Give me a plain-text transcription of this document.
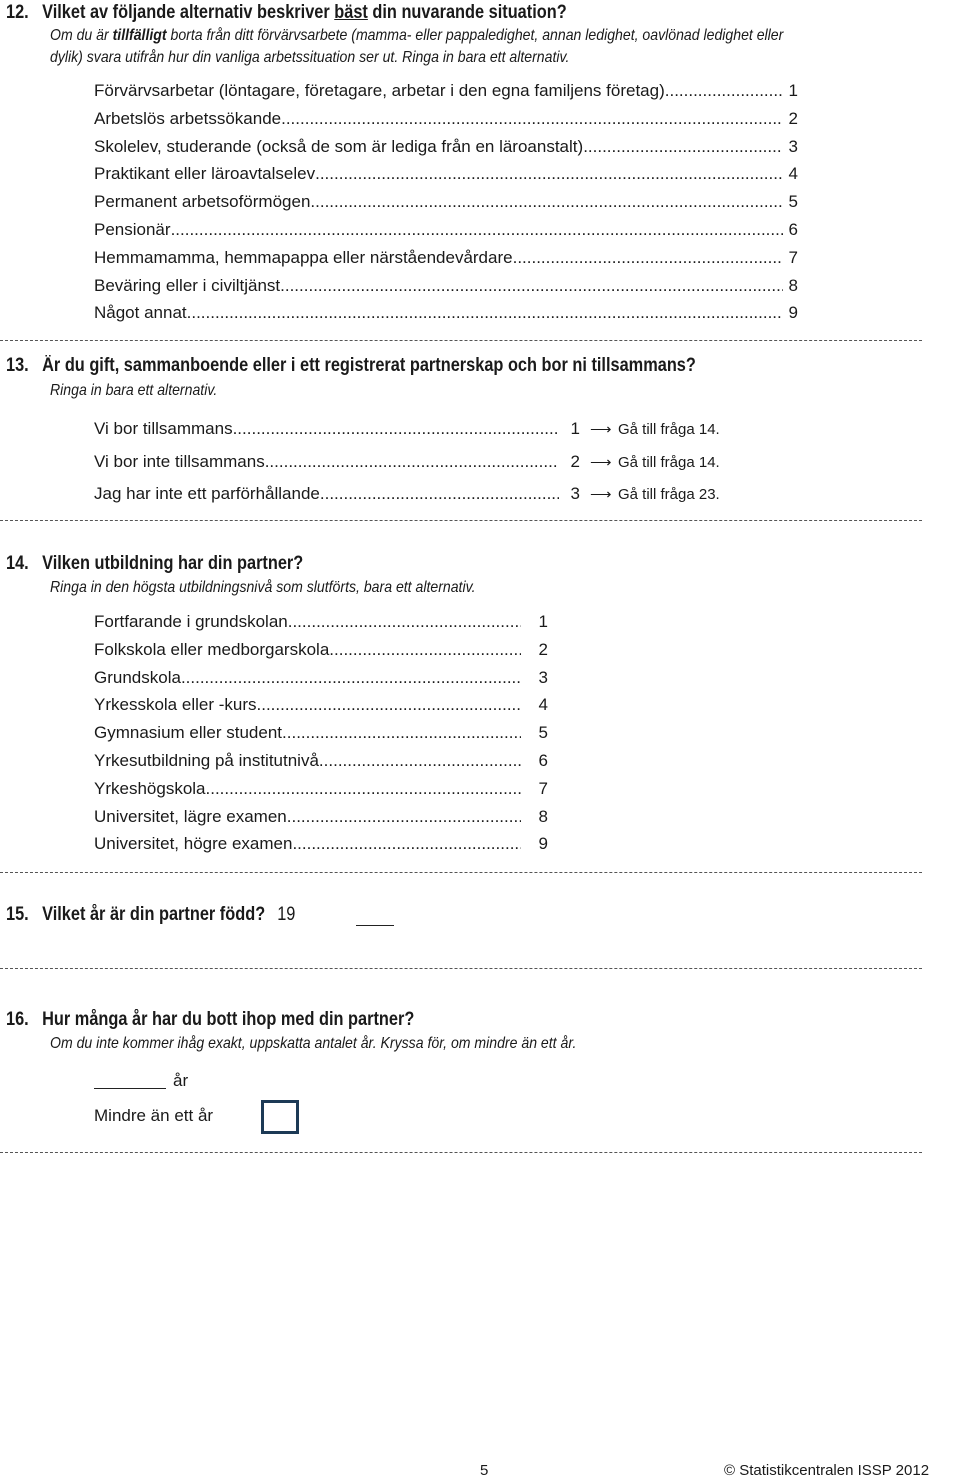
12. Vilket av följande alternativ beskriver bäst din nuvarande situation?
Om du är tillfälligt borta från ditt förvärvsarbete (mamma- eller pappaledighet, annan ledighet, oavlönad ledighet eller
dylik) svara utifrån hur din vanliga arbetssituation ser ut. Ringa in bara ett alternativ.
Förvärvsarbetar (löntagare, företagare, arbetar i den egna familjens företag) .....	1
Arbetslös arbetssökande .....	2
Skolelev, studerande (också de som är lediga från en läroanstalt) .....	3
Praktikant eller läroavtalselev .....	4
Permanent arbetsoförmögen .....	5
Pensionär .....	6
Hemmamamma, hemmapappa eller närståendevårdare .....	7
Beväring eller i civiltjänst .....	8
Något annat .....	9
13. Är du gift, sammanboende eller i ett registrerat partnerskap och bor ni tillsammans?
Ringa in bara ett alternativ.
Vi bor tillsammans .....	1 ⟶ Gå till fråga 14.
Vi bor inte tillsammans .....	2 ⟶ Gå till fråga 14.
Jag har inte ett parförhållande .....	3 ⟶ Gå till fråga 23.
14. Vilken utbildning har din partner?
Ringa in den högsta utbildningsnivå som slutförts, bara ett alternativ.
Fortfarande i grundskolan .....	1
Folkskola eller medborgarskola .....	2
Grundskola .....	3
Yrkesskola eller -kurs .....	4
Gymnasium eller student .....	5
Yrkesutbildning på institutnivå .....	6
Yrkeshögskola .....	7
Universitet, lägre examen .....	8
Universitet, högre examen .....	9
15. Vilket år är din partner född? 19
16. Hur många år har du bott ihop med din partner?
Om du inte kommer ihåg exakt, uppskatta antalet år. Kryssa för, om mindre än ett år.
år
Mindre än ett år
5	© Statistikcentralen ISSP 2012
